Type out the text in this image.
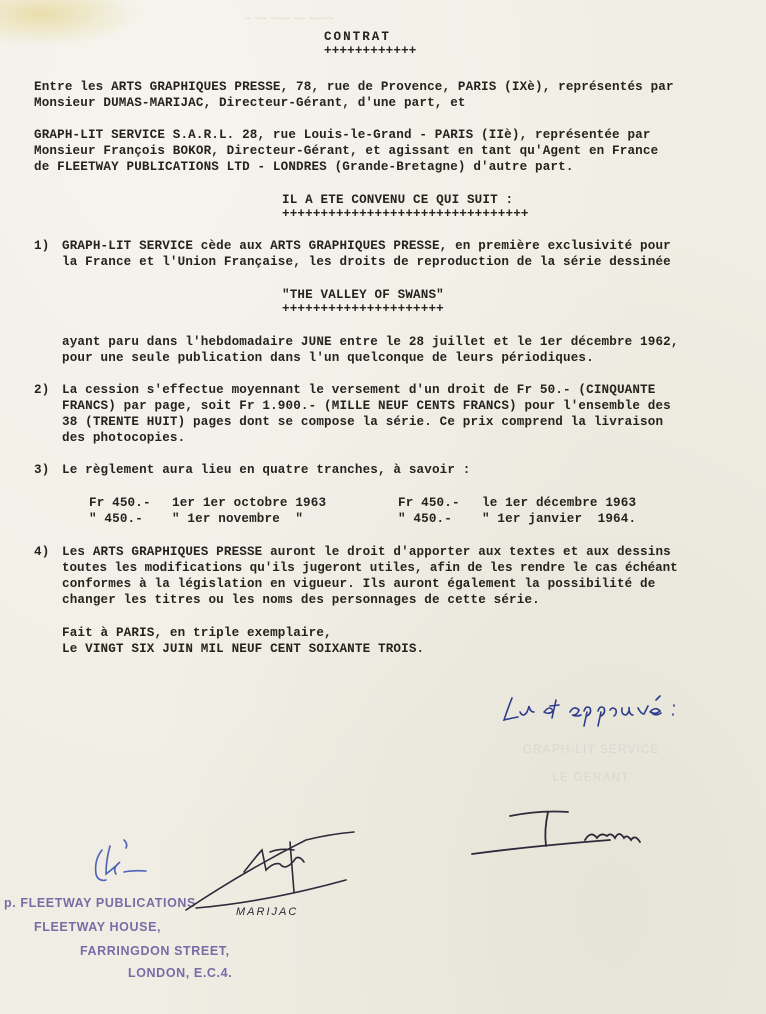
~ ~~ ~~~ ~~ ~~~~
CONTRAT
++++++++++++
Entre les ARTS GRAPHIQUES PRESSE, 78, rue de Provence, PARIS (IXè), représentés par
Monsieur DUMAS-MARIJAC, Directeur-Gérant, d'une part, et
GRAPH-LIT SERVICE S.A.R.L. 28, rue Louis-le-Grand - PARIS (IIè), représentée par
Monsieur François BOKOR, Directeur-Gérant, et agissant en tant qu'Agent en France
de FLEETWAY PUBLICATIONS LTD - LONDRES (Grande-Bretagne) d'autre part.
IL A ETE CONVENU CE QUI SUIT :
++++++++++++++++++++++++++++++++
1) GRAPH-LIT SERVICE cède aux ARTS GRAPHIQUES PRESSE, en première exclusivité pour
la France et l'Union Française, les droits de reproduction de la série dessinée
"THE VALLEY OF SWANS"
+++++++++++++++++++++
ayant paru dans l'hebdomadaire JUNE entre le 28 juillet et le 1er décembre 1962,
pour une seule publication dans l'un quelconque de leurs périodiques.
2) La cession s'effectue moyennant le versement d'un droit de Fr 50.- (CINQUANTE
FRANCS) par page, soit Fr 1.900.- (MILLE NEUF CENTS FRANCS) pour l'ensemble des
38 (TRENTE HUIT) pages dont se compose la série. Ce prix comprend la livraison
des photocopies.
3) Le règlement aura lieu en quatre tranches, à savoir :
Fr 450.- 1er 1er octobre 1963
" 450.- " 1er novembre  "
Fr 450.- le 1er décembre 1963
" 450.- " 1er janvier  1964.
4) Les ARTS GRAPHIQUES PRESSE auront le droit d'apporter aux textes et aux dessins
toutes les modifications qu'ils jugeront utiles, afin de les rendre le cas échéant
conformes à la législation en vigueur. Ils auront également la possibilité de
changer les titres ou les noms des personnages de cette série.
Fait à PARIS, en triple exemplaire,
Le VINGT SIX JUIN MIL NEUF CENT SOIXANTE TROIS.
GRAPH-LIT SERVICE
LE GERANT
p. FLEETWAY PUBLICATIONS
FLEETWAY HOUSE,
FARRINGDON STREET,
LONDON, E.C.4.
MARIJAC
